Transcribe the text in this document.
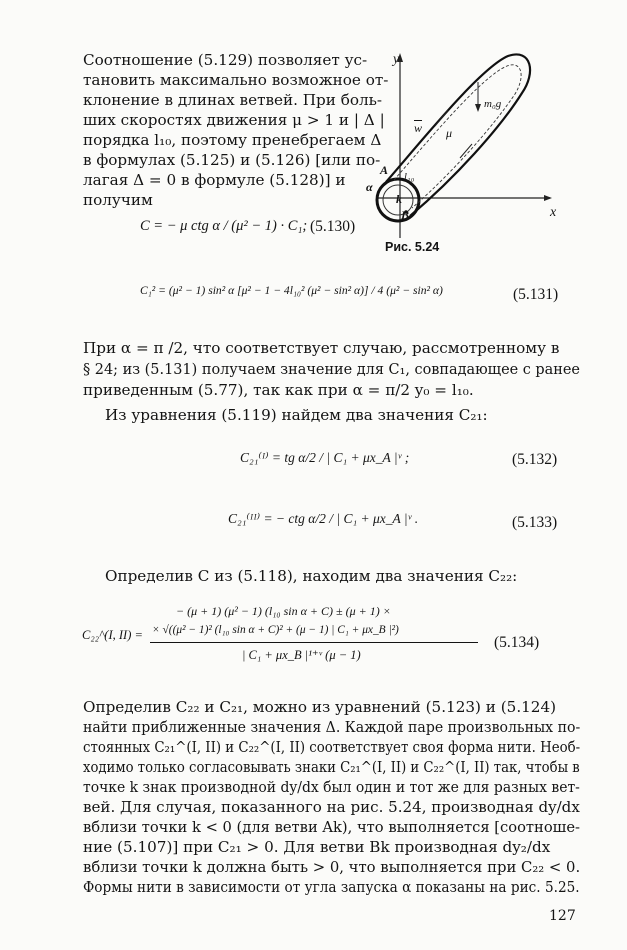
Соотношение (5.129) позволяет ус-
тановить максимально возможное от-
клонение в длинах ветвей. При боль-
ших скоростях движения μ > 1 и | Δ |
порядка l₁₀, поэтому пренебрегаем Δ
в формулах (5.125) и (5.126) [или по-
лагая Δ = 0 в формуле (5.128)] и
получим
y
x
A
B
k
α
l₁₀
$\overline{w}$ μ
m₀g
Рис. 5.24
C = − μ ctg α / (μ² − 1) · C₁; (5.130)
C₁² = (μ² − 1) sin² α [μ² − 1 − 4l₁₀² (μ² − sin² α)] / 4 (μ² − sin² α)	(5.131)
При α = π /2, что соответствует случаю, рассмотренному в
§ 24; из (5.131) получаем значение для C₁, совпадающее с ранее
приведенным (5.77), так как при α = π/2 y₀ = l₁₀.
Из уравнения (5.119) найдем два значения C₂₁:
C₂₁⁽ᴵ⁾ = tg α/2 / | C₁ + μx_A |ᵛ ;	(5.132)
C₂₁⁽ᴵᴵ⁾ = − ctg α/2 / | C₁ + μx_A |ᵛ .	(5.133)
Определив C из (5.118), находим два значения C₂₂:
C₂₂^(I, II) =
− (μ + 1) (μ² − 1) (l₁₀ sin α + C) ± (μ + 1) ×
× √((μ² − 1)² (l₁₀ sin α + C)² + (μ − 1) | C₁ + μx_B |²)
| C₁ + μx_B |¹⁺ᵛ (μ − 1)
(5.134)
Определив C₂₂ и C₂₁, можно из уравнений (5.123) и (5.124)
найти приближенные значения Δ. Каждой паре произвольных по-
стоянных C₂₁^(I, II) и C₂₂^(I, II) соответствует своя форма нити. Необ-
ходимо только согласовывать знаки C₂₁^(I, II) и C₂₂^(I, II) так, чтобы в
точке k знак производной dy/dx был один и тот же для разных вет-
вей. Для случая, показанного на рис. 5.24, производная dy/dx
вблизи точки k < 0 (для ветви Ak), что выполняется [соотноше-
ние (5.107)] при C₂₁ > 0. Для ветви Bk производная dy₂/dx
вблизи точки k должна быть > 0, что выполняется при C₂₂ < 0.
Формы нити в зависимости от угла запуска α показаны на рис. 5.25.
127
